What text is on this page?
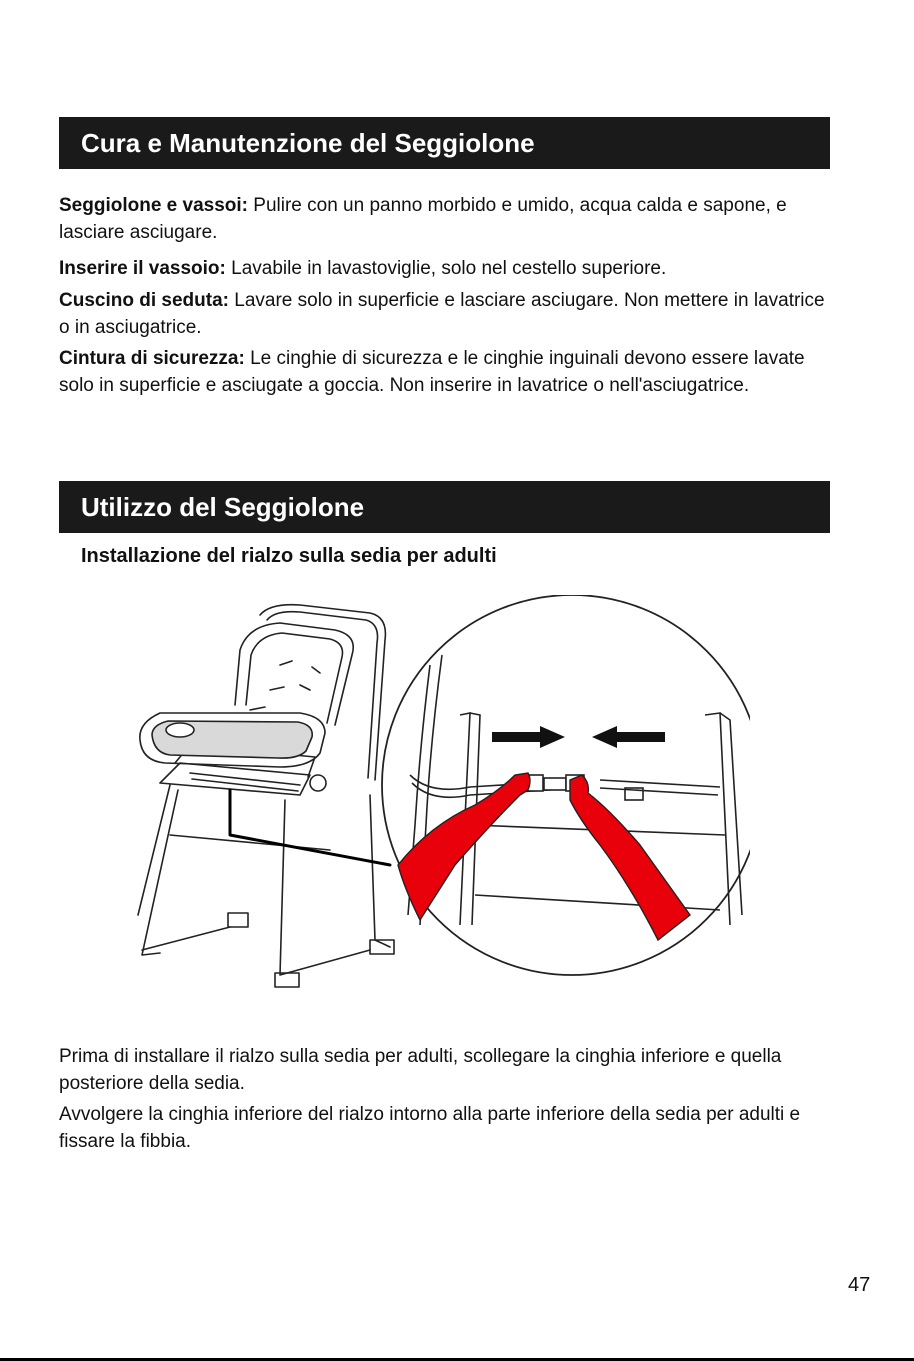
Cura e Manutenzione del Seggiolone

Seggiolone e vassoi: Pulire con un panno morbido e umido, acqua calda e sapone, e lasciare asciugare.

Inserire il vassoio: Lavabile in lavastoviglie, solo nel cestello superiore.

Cuscino di seduta: Lavare solo in superficie e lasciare asciugare. Non mettere in lavatrice o in asciugatrice.

Cintura di sicurezza: Le cinghie di sicurezza e le cinghie inguinali devono essere lavate solo in superficie e asciugate a goccia. Non inserire in lavatrice o nell'asciugatrice.

Utilizzo del Seggiolone

Installazione del rialzo sulla sedia per adulti

Prima di installare il rialzo sulla sedia per adulti, scollegare la cinghia inferiore e quella posteriore della sedia.

Avvolgere la cinghia inferiore del rialzo intorno alla parte inferiore della sedia per adulti e fissare la fibbia.

47
